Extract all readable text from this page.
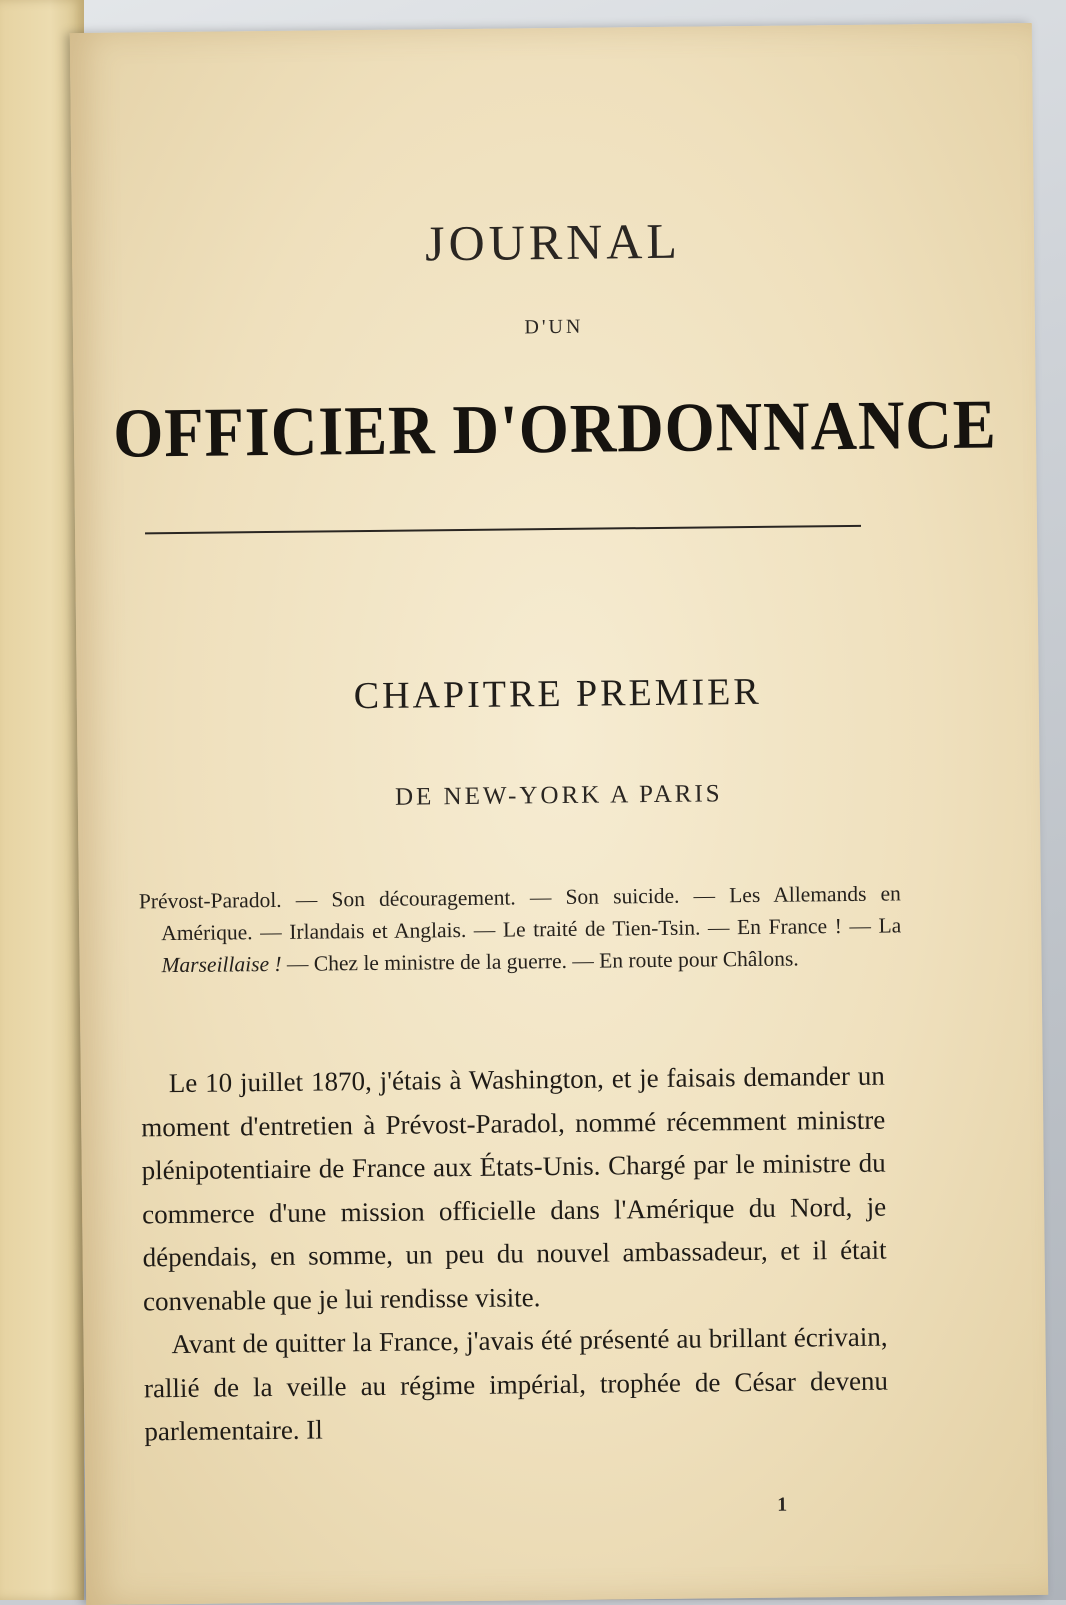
JOURNAL
D'UN
OFFICIER D'ORDONNANCE
CHAPITRE PREMIER
DE NEW-YORK A PARIS
Prévost-Paradol. — Son découragement. — Son suicide. — Les Allemands en Amérique. — Irlandais et Anglais. — Le traité de Tien-Tsin. — En France ! — La Marseillaise ! — Chez le ministre de la guerre. — En route pour Châlons.

Le 10 juillet 1870, j'étais à Washington, et je faisais demander un moment d'entretien à Prévost-Paradol, nommé récemment ministre plénipotentiaire de France aux États-Unis. Chargé par le ministre du commerce d'une mission officielle dans l'Amérique du Nord, je dépendais, en somme, un peu du nouvel ambassadeur, et il était convenable que je lui rendisse visite.

Avant de quitter la France, j'avais été présenté au brillant écrivain, rallié de la veille au régime impérial, trophée de César devenu parlementaire. Il

1
